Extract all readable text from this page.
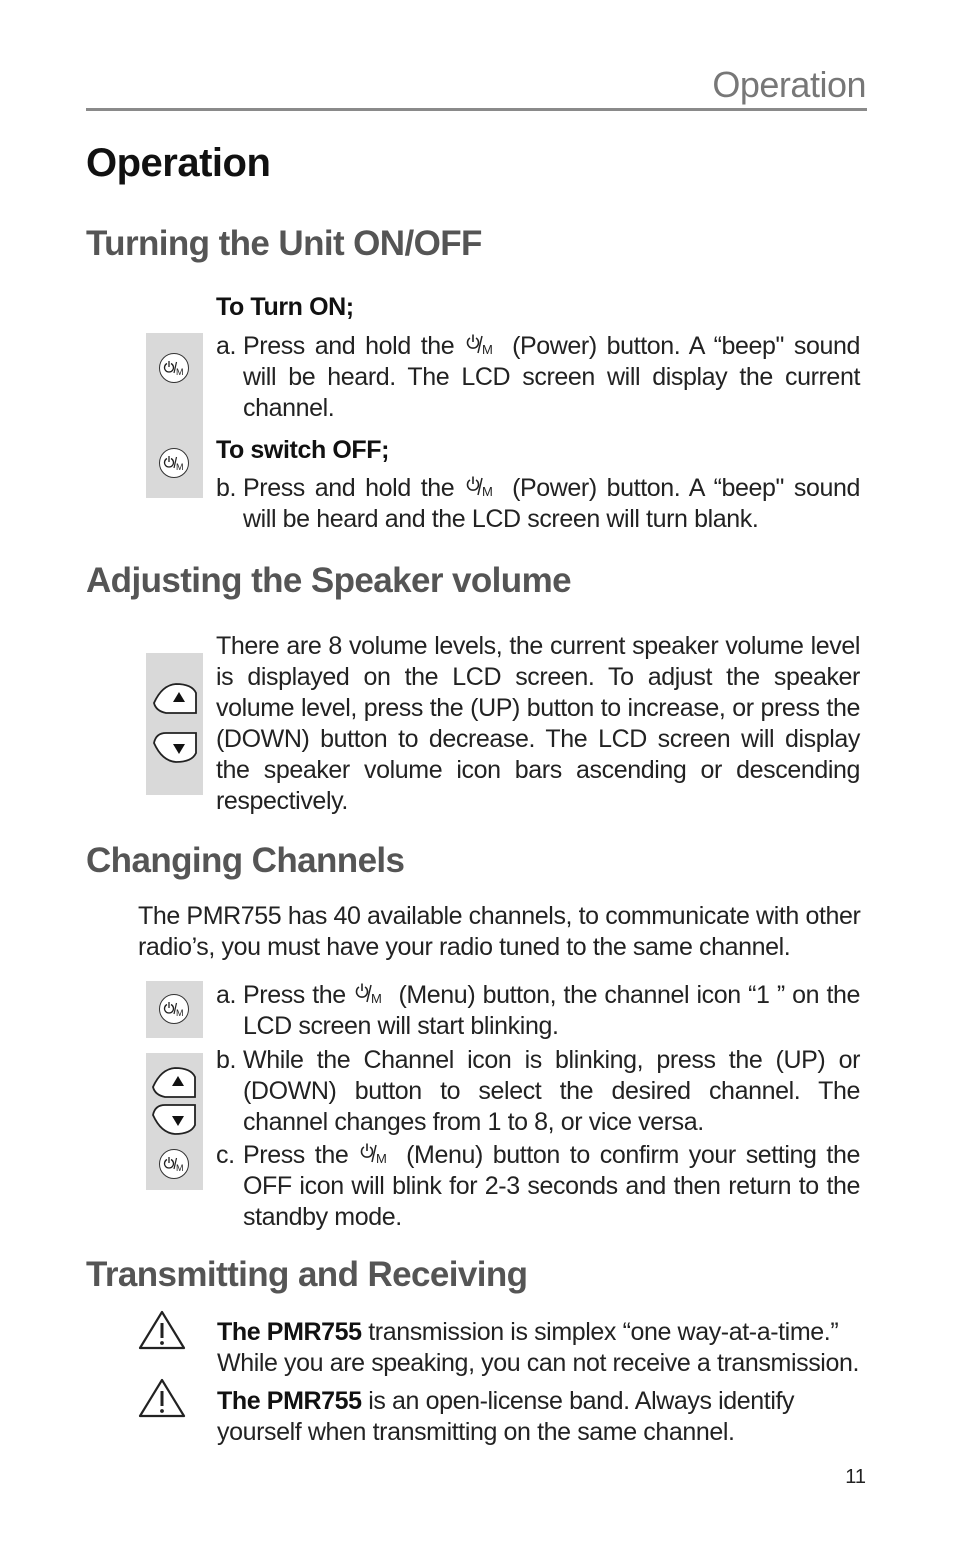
Operation
Operation
Turning the Unit ON/OFF
M
M
To Turn ON;
a. Press and hold the M (Power) button. A “beep" sound will be heard. The LCD screen will display the current channel.
To switch OFF;
b. Press and hold the M (Power) button. A “beep" sound will be heard and the LCD screen will turn blank.
Adjusting the Speaker volume
There are 8 volume levels, the current speaker volume level is displayed on the LCD screen. To adjust the speaker volume level, press the (UP) button to increase, or press the (DOWN) button to decrease. The LCD screen will display the speaker volume icon bars ascending or descending respectively.
Changing Channels
The PMR755 has 40 available channels, to communicate with other radio’s, you must have your radio tuned to the same channel.
M
M
a. Press the M (Menu) button, the channel icon “1 ” on the LCD screen will start blinking.
b. While the Channel icon is blinking, press the (UP) or (DOWN) button to select the desired channel. The channel changes from 1 to 8, or vice versa.
c. Press the M (Menu) button to confirm your setting the OFF icon will blink for 2-3 seconds and then return to the standby mode.
Transmitting and Receiving
The PMR755 transmission is simplex “one way-at-a-time.” While you are speaking, you can not receive a transmission.
The PMR755 is an open-license band. Always identify yourself when transmitting on the same channel.
11
